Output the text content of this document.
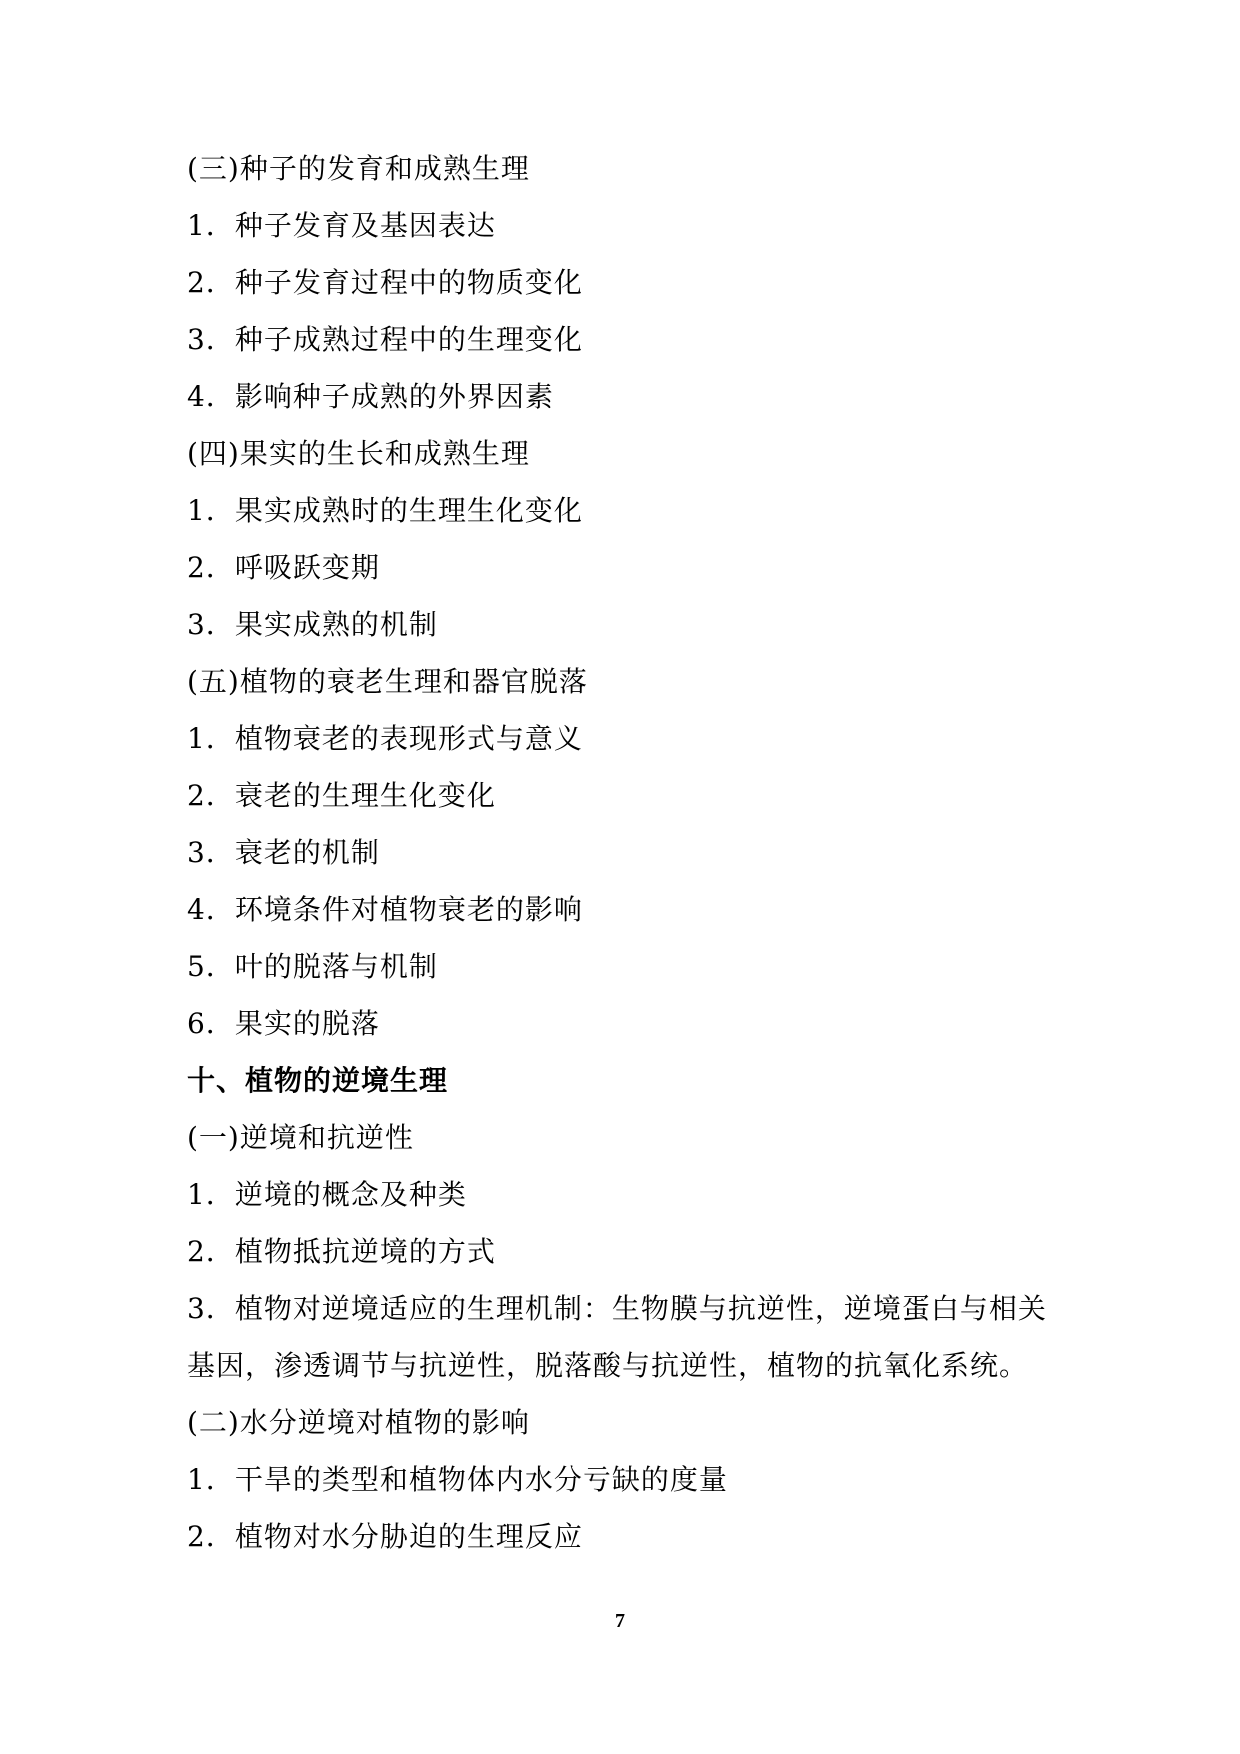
(三)种子的发育和成熟生理
1．种子发育及基因表达
2．种子发育过程中的物质变化
3．种子成熟过程中的生理变化
4．影响种子成熟的外界因素
(四)果实的生长和成熟生理
1．果实成熟时的生理生化变化
2．呼吸跃变期
3．果实成熟的机制
(五)植物的衰老生理和器官脱落
1．植物衰老的表现形式与意义
2．衰老的生理生化变化
3．衰老的机制
4．环境条件对植物衰老的影响
5．叶的脱落与机制
6．果实的脱落
十、植物的逆境生理
(一)逆境和抗逆性
1．逆境的概念及种类
2．植物抵抗逆境的方式
3．植物对逆境适应的生理机制：生物膜与抗逆性，逆境蛋白与相关
基因，渗透调节与抗逆性，脱落酸与抗逆性，植物的抗氧化系统。
(二)水分逆境对植物的影响
1．干旱的类型和植物体内水分亏缺的度量
2．植物对水分胁迫的生理反应
7
